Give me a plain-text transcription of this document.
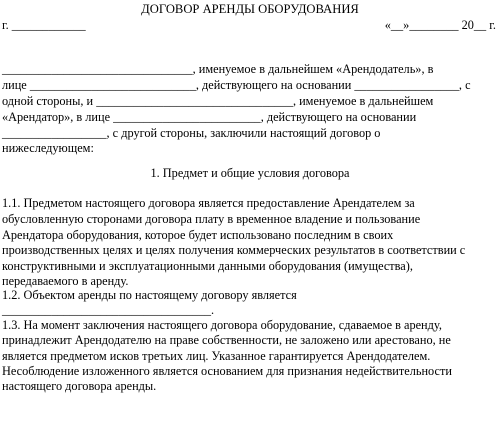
ДОГОВОР АРЕНДЫ ОБОРУДОВАНИЯ
г. ____________	«__»________ 20__ г.
_______________________________, именуемое в дальнейшем «Арендодатель», в
лице ___________________________, действующего на основании _________________, с
одной стороны, и ________________________________, именуемое в дальнейшем
«Арендатор», в лице ________________________, действующего на основании
_________________, с другой стороны, заключили настоящий договор о
нижеследующем:
1. Предмет и общие условия договора
1.1. Предметом настоящего договора является предоставление Арендателем за
обусловленную сторонами договора плату в временное владение и пользование
Арендатора оборудования, которое будет использовано последним в своих
производственных целях и целях получения коммерческих результатов в соответствии с
конструктивными и эксплуатационными данными оборудования (имущества),
передаваемого в аренду.
1.2. Объектом аренды по настоящему договору является
__________________________________.
1.3. На момент заключения настоящего договора оборудование, сдаваемое в аренду,
принадлежит Арендодателю на праве собственности, не заложено или арестовано, не
является предметом исков третьих лиц. Указанное гарантируется Арендодателем.
Несоблюдение изложенного является основанием для признания недействительности
настоящего договора аренды.
